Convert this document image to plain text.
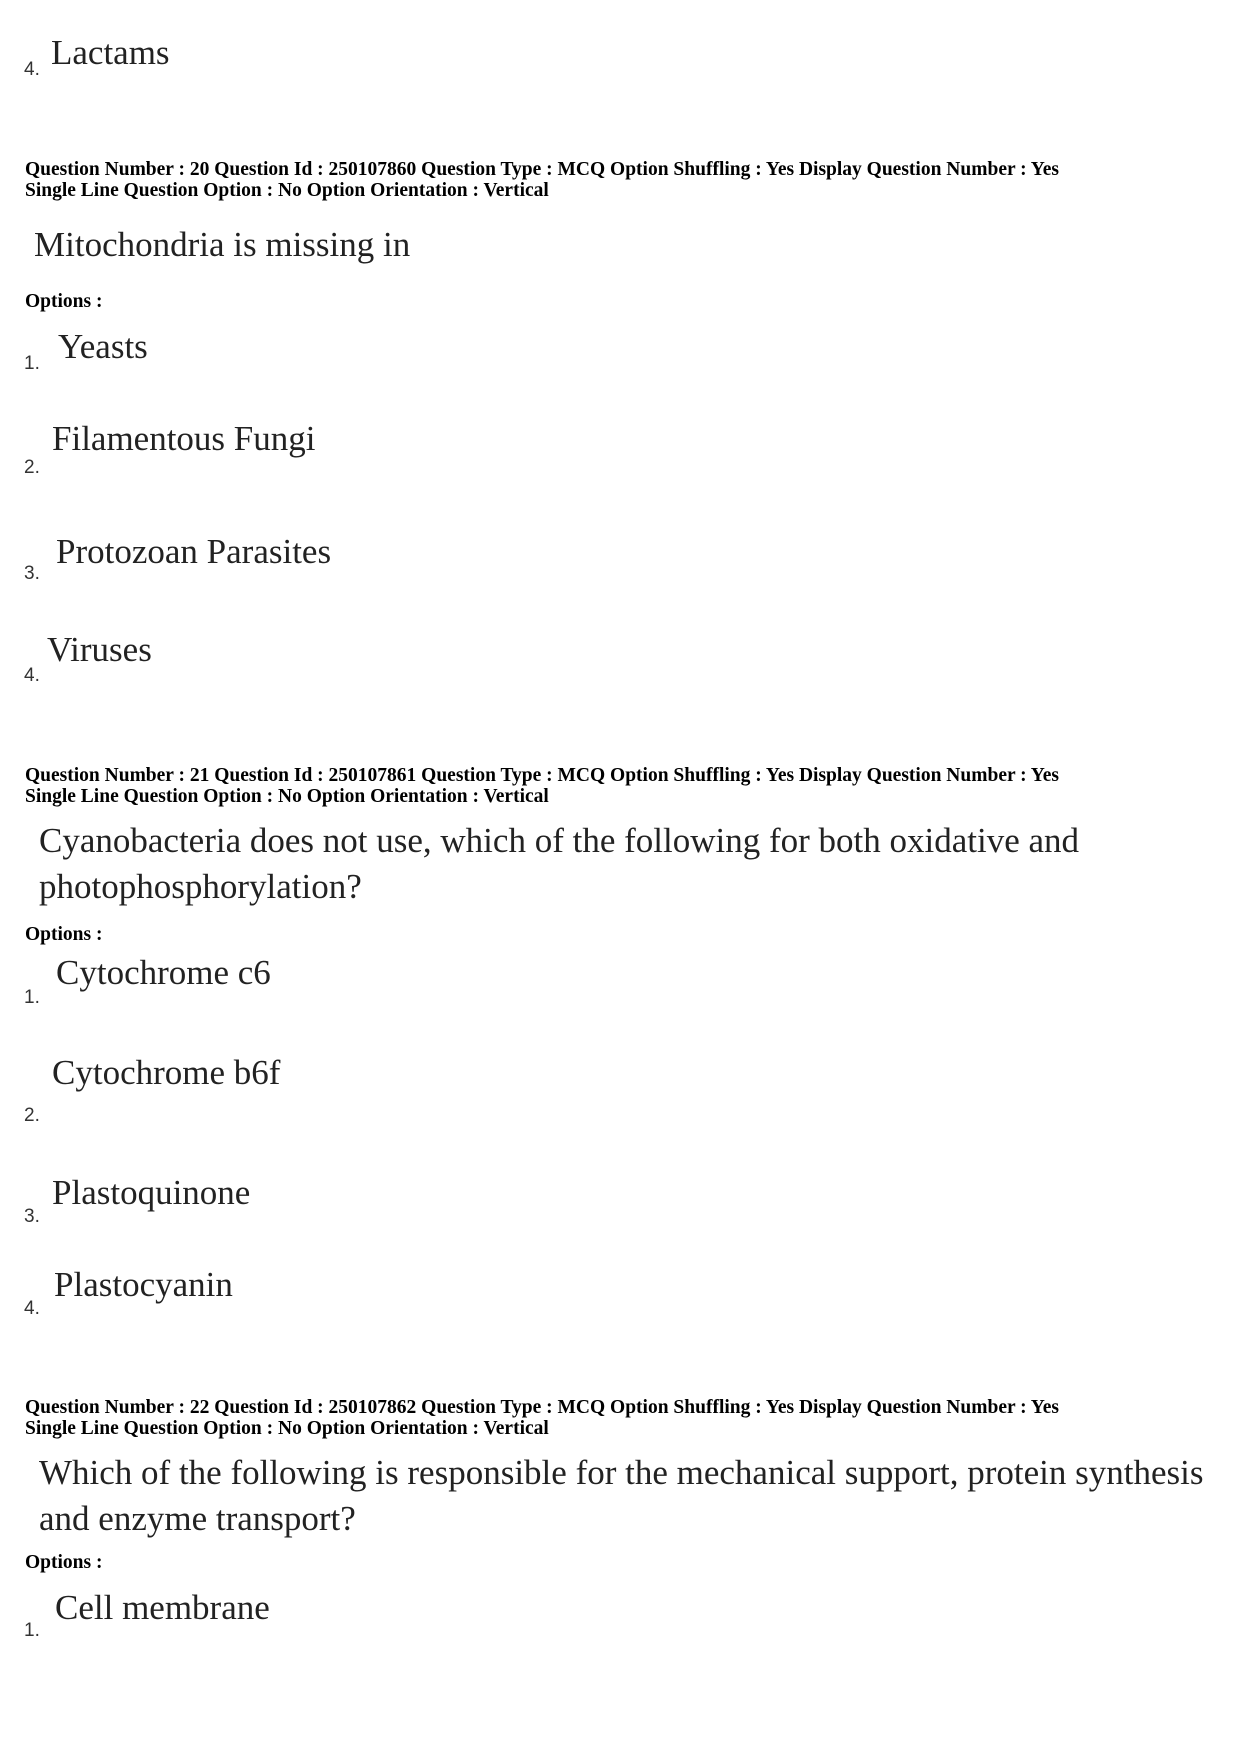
4. Lactams
Question Number : 20 Question Id : 250107860 Question Type : MCQ Option Shuffling : Yes Display Question Number : Yes
Single Line Question Option : No Option Orientation : Vertical
Mitochondria is missing in
Options :
1. Yeasts
2.
Filamentous Fungi
3.
Protozoan Parasites
4.
Viruses
Question Number : 21 Question Id : 250107861 Question Type : MCQ Option Shuffling : Yes Display Question Number : Yes
Single Line Question Option : No Option Orientation : Vertical
Cyanobacteria does not use, which of the following for both oxidative and
photophosphorylation?
Options :
1.
Cytochrome c6
2.
Cytochrome b6f
3.
Plastoquinone
4.
Plastocyanin
Question Number : 22 Question Id : 250107862 Question Type : MCQ Option Shuffling : Yes Display Question Number : Yes
Single Line Question Option : No Option Orientation : Vertical
Which of the following is responsible for the mechanical support, protein synthesis
and enzyme transport?
Options :
1.
Cell membrane
